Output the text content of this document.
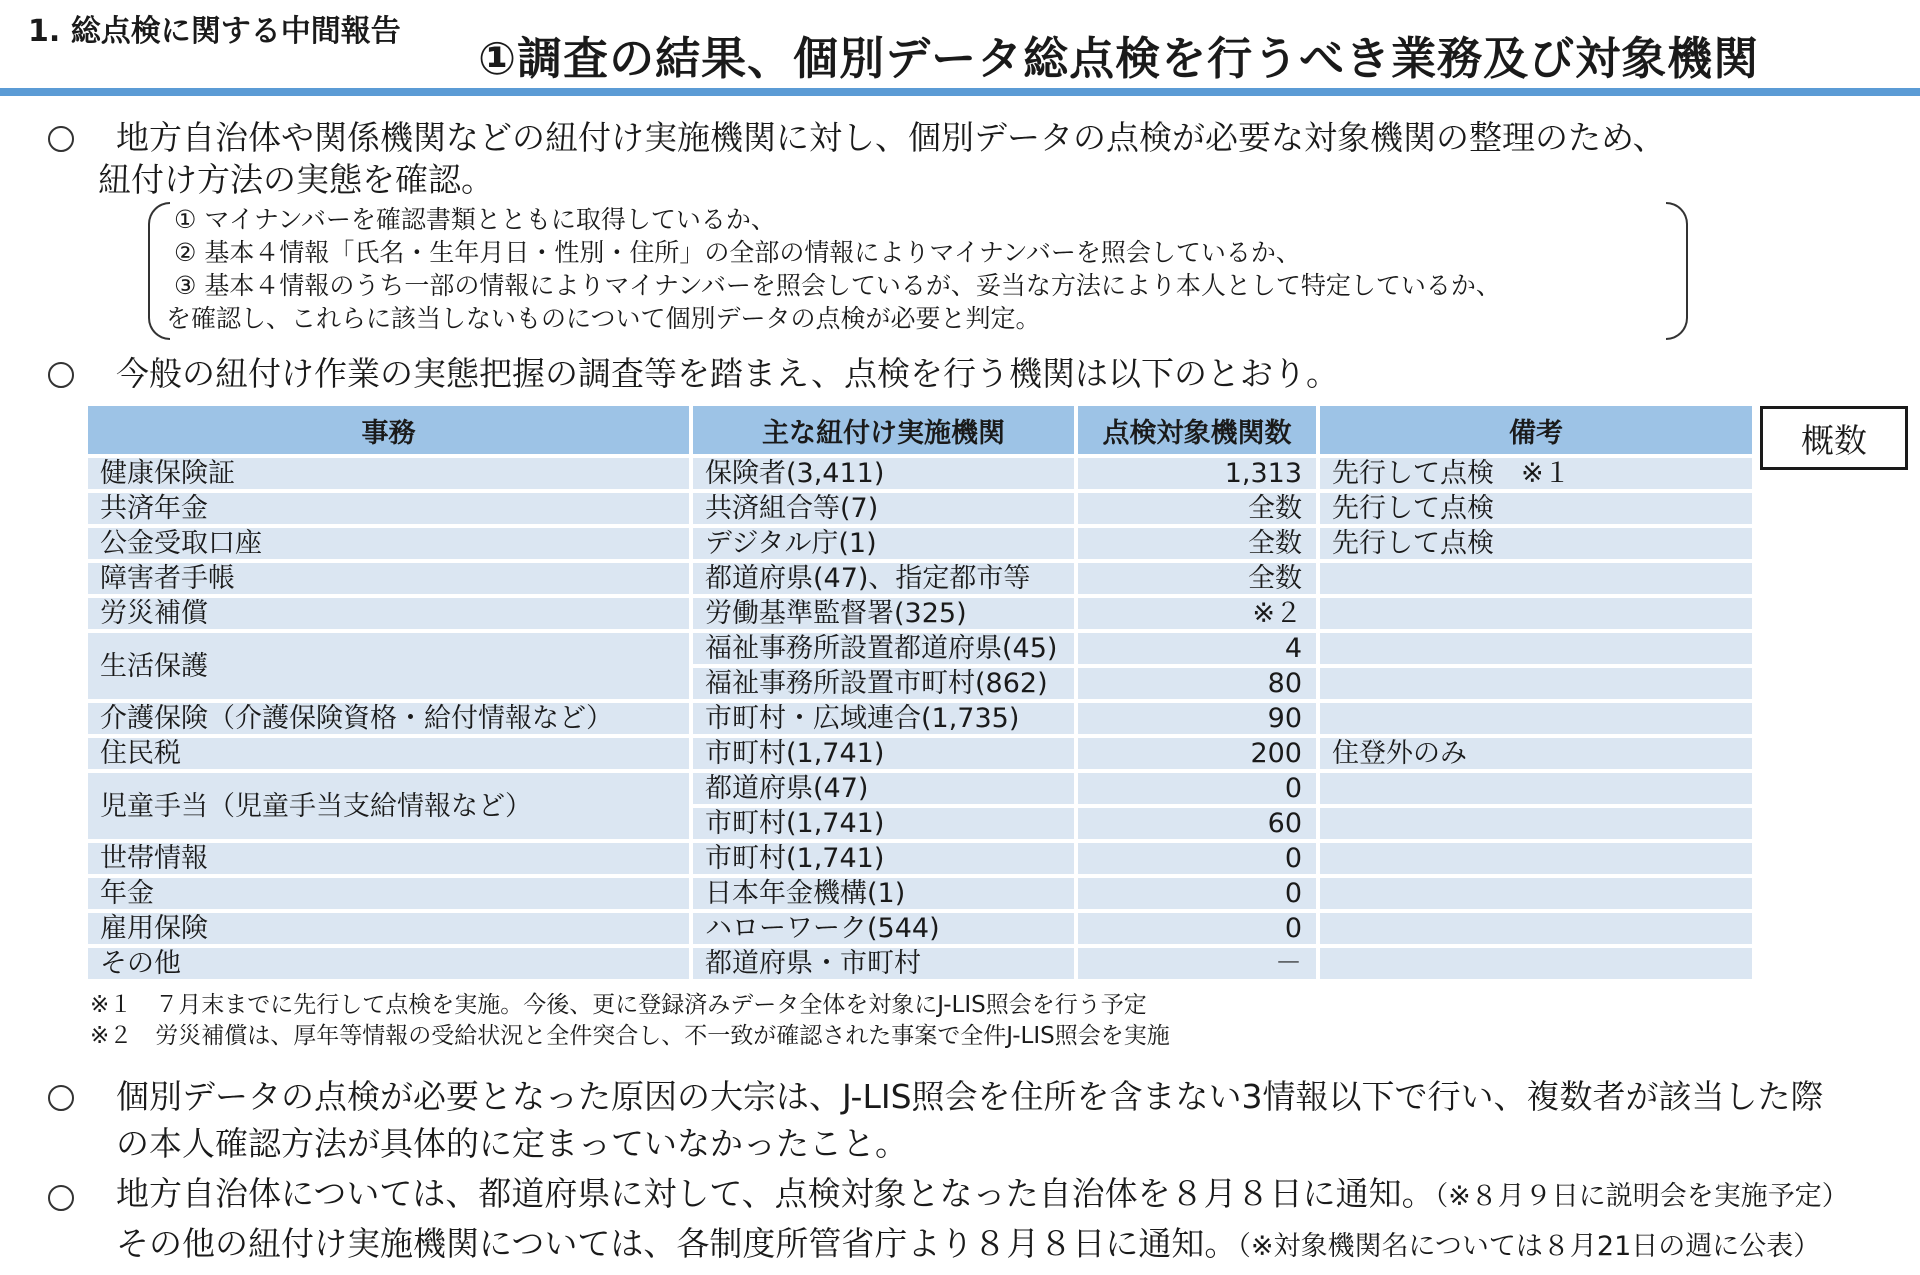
1. 総点検に関する中間報告
①調査の結果、個別データ総点検を行うべき業務及び対象機関
地方自治体や関係機関などの紐付け実施機関に対し、個別データの点検が必要な対象機関の整理のため、
紐付け方法の実態を確認。
① マイナンバーを確認書類とともに取得しているか、
② 基本４情報「氏名・生年月日・性別・住所」の全部の情報によりマイナンバーを照会しているか、
③ 基本４情報のうち一部の情報によりマイナンバーを照会しているが、妥当な方法により本人として特定しているか、
を確認し、これらに該当しないものについて個別データの点検が必要と判定。
今般の紐付け作業の実態把握の調査等を踏まえ、点検を行う機関は以下のとおり。
事務	主な紐付け実施機関	点検対象機関数	備考
健康保険証	保険者(3,411)	1,313	先行して点検　※１
共済年金	共済組合等(7)	全数	先行して点検
公金受取口座	デジタル庁(1)	全数	先行して点検
障害者手帳	都道府県(47)、指定都市等	全数	
労災補償	労働基準監督署(325)	※２	
生活保護	福祉事務所設置都道府県(45)	4	
	福祉事務所設置市町村(862)	80	
介護保険（介護保険資格・給付情報など）	市町村・広域連合(1,735)	90	
住民税	市町村(1,741)	200	住登外のみ
児童手当（児童手当支給情報など）	都道府県(47)	0	
	市町村(1,741)	60	
世帯情報	市町村(1,741)	0	
年金	日本年金機構(1)	0	
雇用保険	ハローワーク(544)	0	
その他	都道府県・市町村	－	
概数
※１　７月末までに先行して点検を実施。今後、更に登録済みデータ全体を対象にJ-LIS照会を行う予定
※２　労災補償は、厚年等情報の受給状況と全件突合し、不一致が確認された事案で全件J-LIS照会を実施
個別データの点検が必要となった原因の大宗は、J-LIS照会を住所を含まない3情報以下で行い、複数者が該当した際
の本人確認方法が具体的に定まっていなかったこと。
地方自治体については、都道府県に対して、点検対象となった自治体を８月８日に通知。（※８月９日に説明会を実施予定）
その他の紐付け実施機関については、各制度所管省庁より８月８日に通知。（※対象機関名については８月21日の週に公表）
